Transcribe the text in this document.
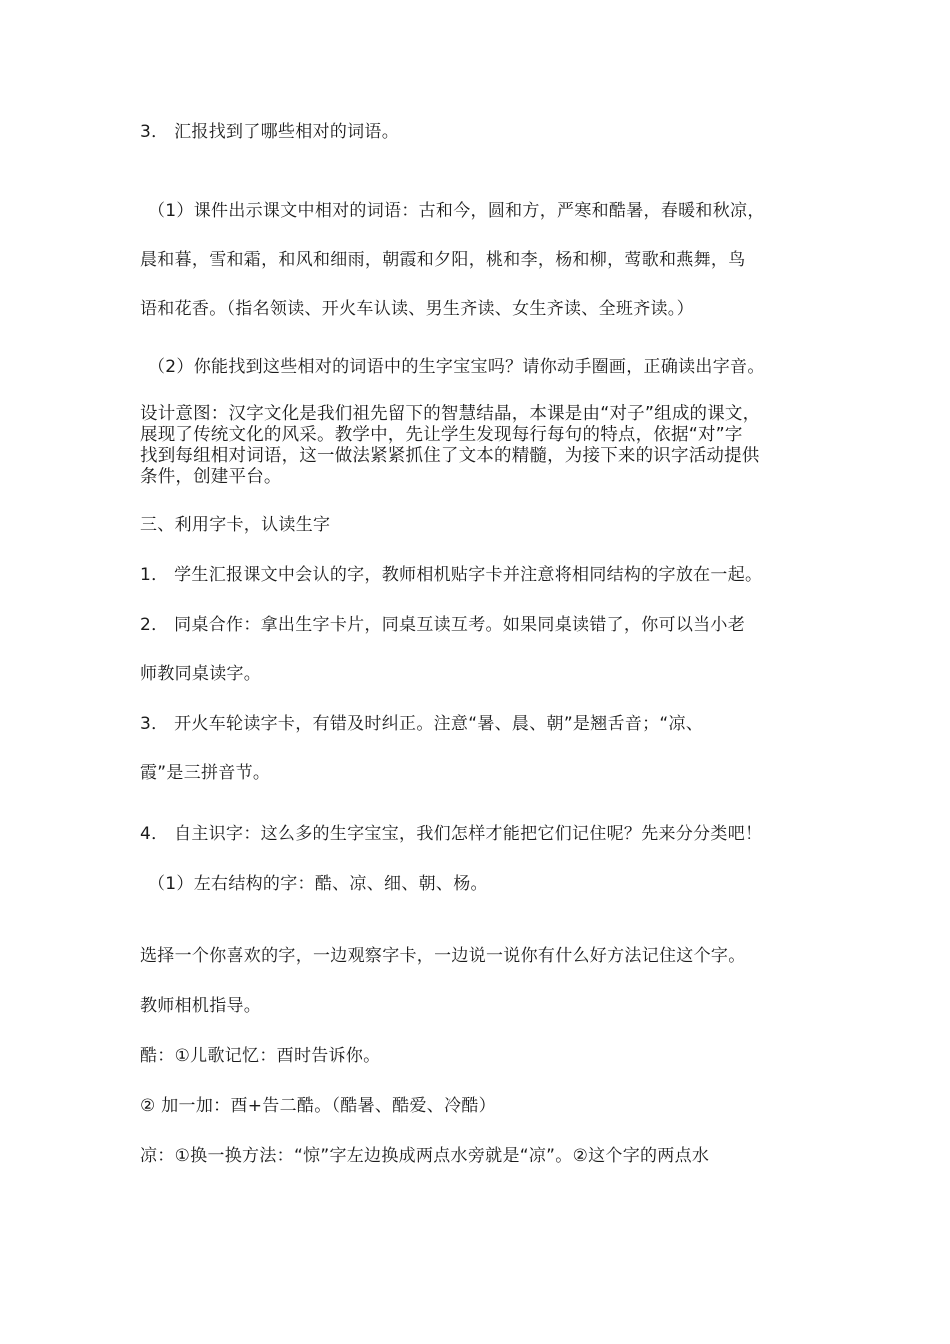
3． 汇报找到了哪些相对的词语。
（1）课件出示课文中相对的词语：古和今，圆和方，严寒和酷暑，春暖和秋凉，
晨和暮，雪和霜，和风和细雨，朝霞和夕阳，桃和李，杨和柳，莺歌和燕舞，鸟
语和花香。（指名领读、开火车认读、男生齐读、女生齐读、全班齐读。）
（2）你能找到这些相对的词语中的生字宝宝吗？请你动手圈画，正确读出字音。
设计意图：汉字文化是我们祖先留下的智慧结晶，本课是由“对子”组成的课文，
展现了传统文化的风采。教学中，先让学生发现每行每句的特点，依据“对”字
找到每组相对词语，这一做法紧紧抓住了文本的精髓，为接下来的识字活动提供
条件，创建平台。
三、利用字卡，认读生字
1． 学生汇报课文中会认的字，教师相机贴字卡并注意将相同结构的字放在一起。
2． 同桌合作：拿出生字卡片，同桌互读互考。如果同桌读错了，你可以当小老
师教同桌读字。
3． 开火车轮读字卡，有错及时纠正。注意“暑、晨、朝”是翘舌音；“凉、
霞”是三拼音节。
4． 自主识字：这么多的生字宝宝，我们怎样才能把它们记住呢？先来分分类吧！
（1）左右结构的字：酷、凉、细、朝、杨。
选择一个你喜欢的字，一边观察字卡，一边说一说你有什么好方法记住这个字。
教师相机指导。
酷：①儿歌记忆：酉时告诉你。
② 加一加：酉+告二酷。（酷暑、酷爱、冷酷）
凉：①换一换方法：“惊”字左边换成两点水旁就是“凉”。②这个字的两点水
